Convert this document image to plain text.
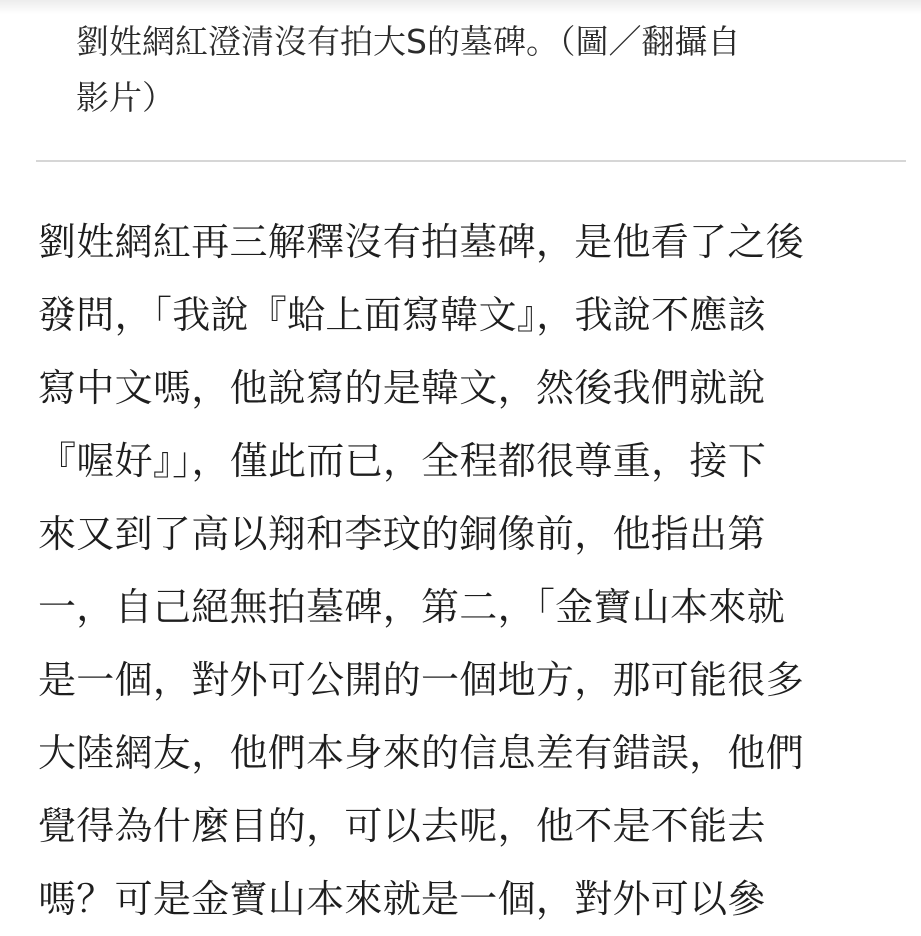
劉姓網紅澄清沒有拍大S的墓碑。（圖／翻攝自
影片）
劉姓網紅再三解釋沒有拍墓碑，是他看了之後
發問，「我說『蛤上面寫韓文』，我說不應該
寫中文嗎，他說寫的是韓文，然後我們就說
『喔好』」，僅此而已，全程都很尊重，接下
來又到了高以翔和李玟的銅像前，他指出第
一，自己絕無拍墓碑，第二，「金寶山本來就
是一個，對外可公開的一個地方，那可能很多
大陸網友，他們本身來的信息差有錯誤，他們
覺得為什麼目的，可以去呢，他不是不能去
嗎？可是金寶山本來就是一個，對外可以參
